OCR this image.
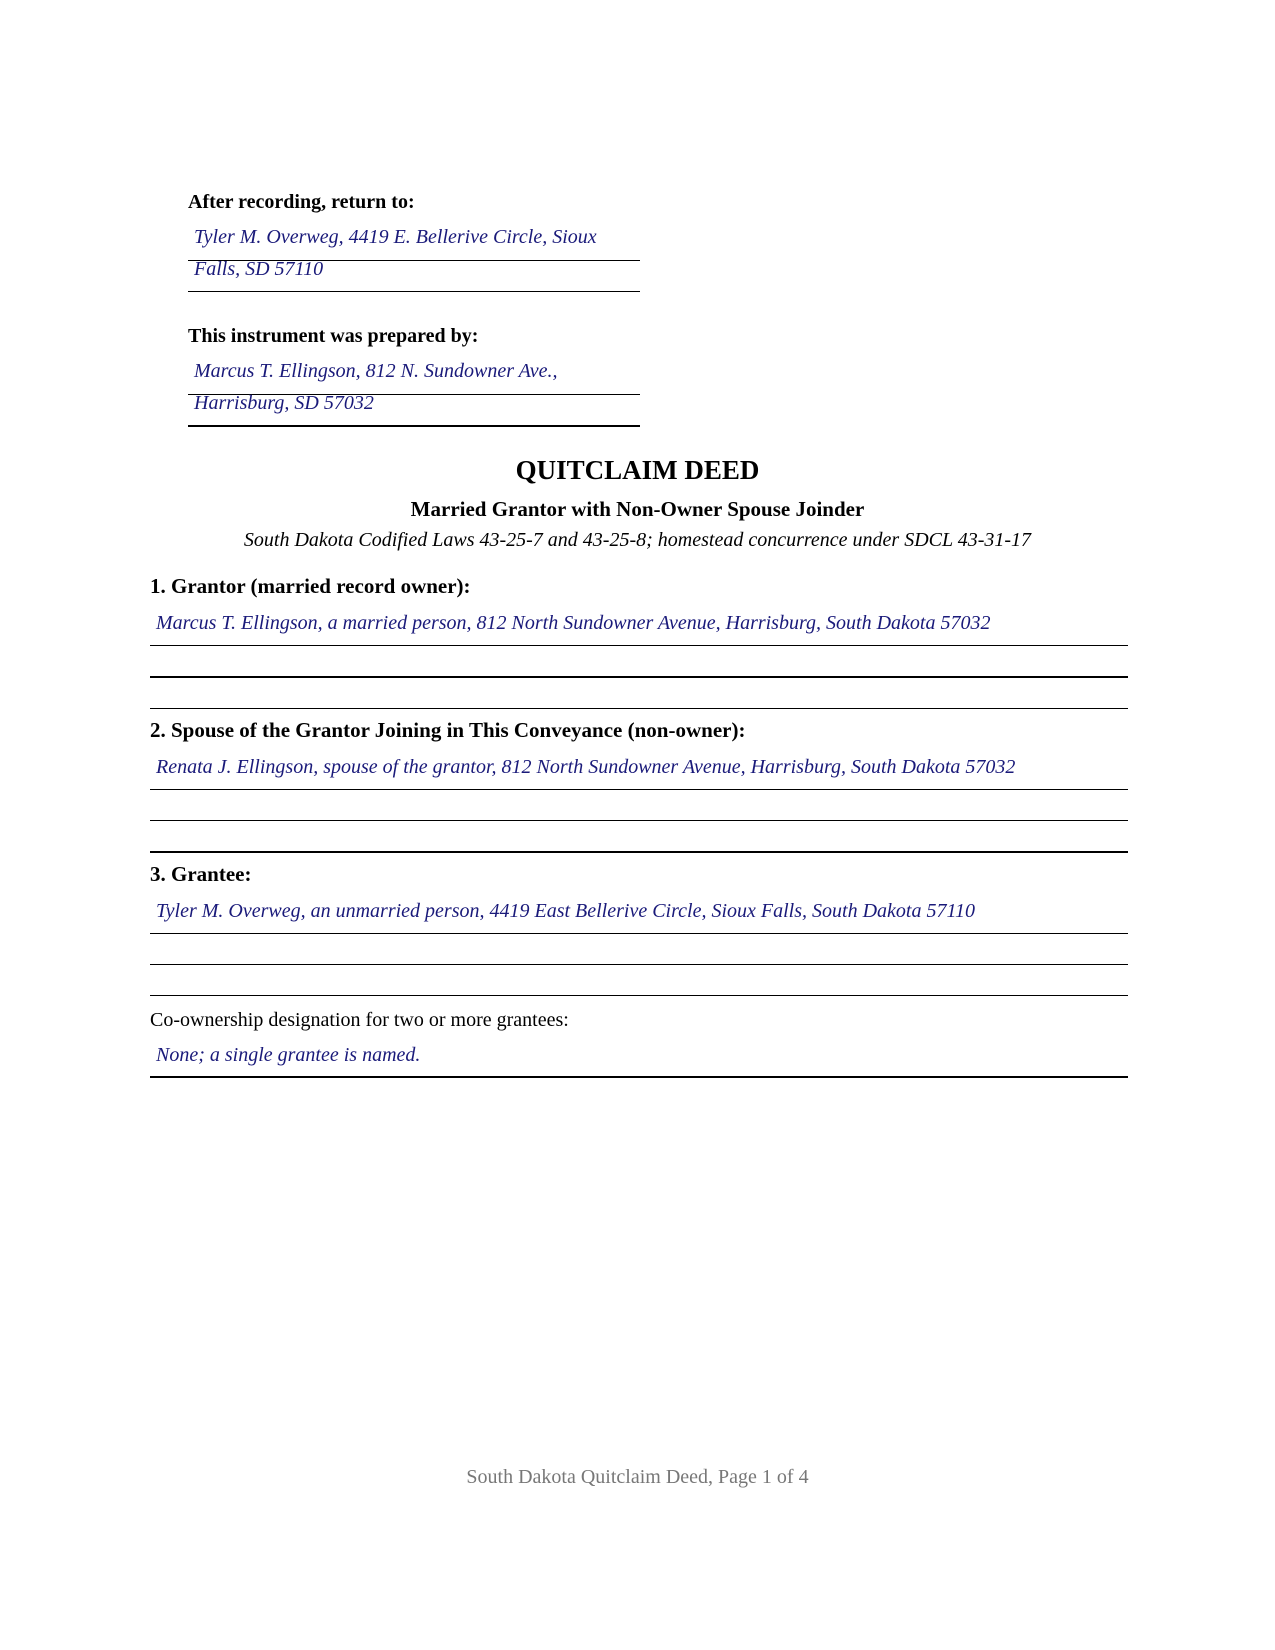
After recording, return to:
Tyler M. Overweg, 4419 E. Bellerive Circle, Sioux
Falls, SD 57110
This instrument was prepared by:
Marcus T. Ellingson, 812 N. Sundowner Ave.,
Harrisburg, SD 57032
QUITCLAIM DEED
Married Grantor with Non-Owner Spouse Joinder
South Dakota Codified Laws 43-25-7 and 43-25-8; homestead concurrence under SDCL 43-31-17
1. Grantor (married record owner):
Marcus T. Ellingson, a married person, 812 North Sundowner Avenue, Harrisburg, South Dakota 57032
2. Spouse of the Grantor Joining in This Conveyance (non-owner):
Renata J. Ellingson, spouse of the grantor, 812 North Sundowner Avenue, Harrisburg, South Dakota 57032
3. Grantee:
Tyler M. Overweg, an unmarried person, 4419 East Bellerive Circle, Sioux Falls, South Dakota 57110
Co-ownership designation for two or more grantees:
None; a single grantee is named.
South Dakota Quitclaim Deed, Page 1 of 4
